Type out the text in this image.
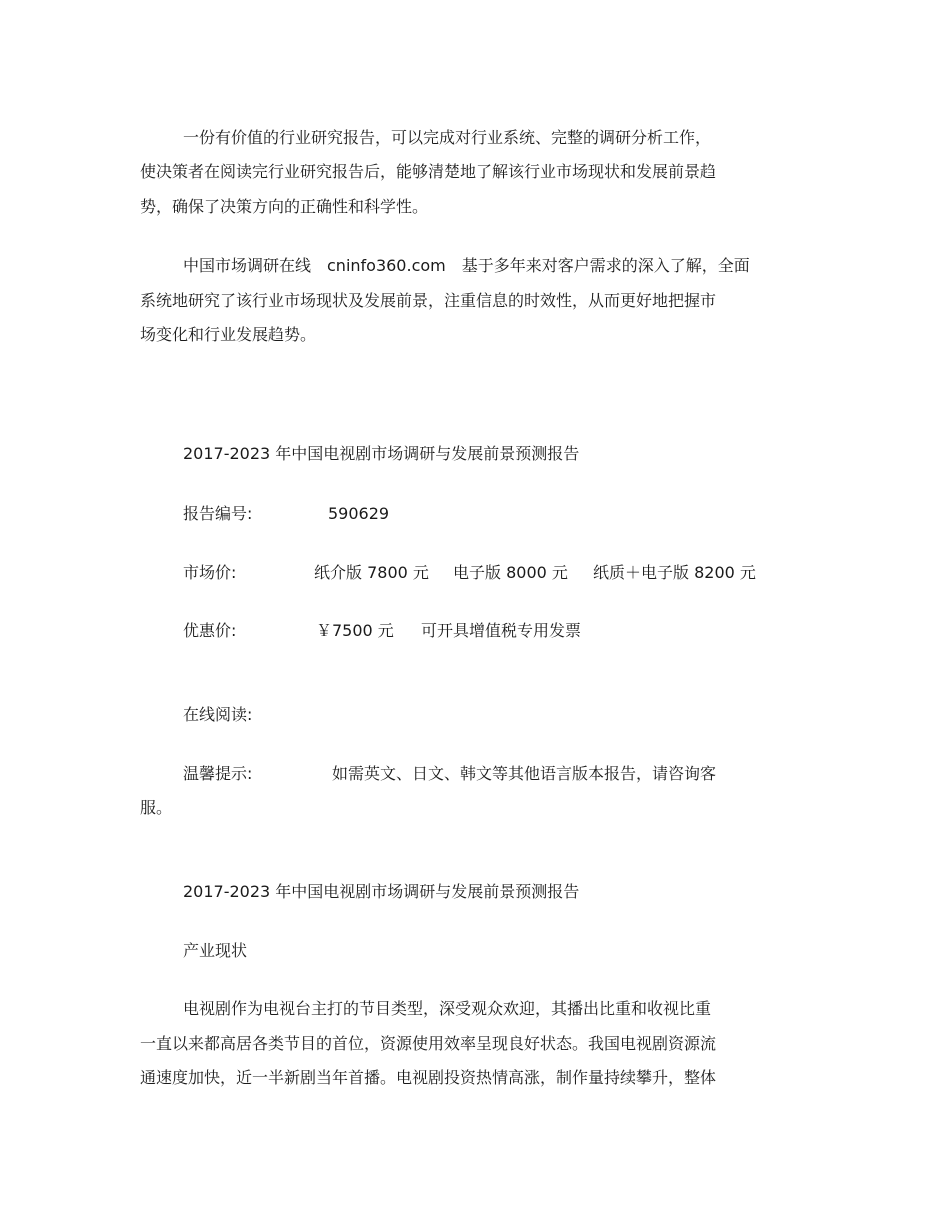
一份有价值的行业研究报告，可以完成对行业系统、完整的调研分析工作，
使决策者在阅读完行业研究报告后，能够清楚地了解该行业市场现状和发展前景趋
势，确保了决策方向的正确性和科学性。
中国市场调研在线　cninfo360.com　基于多年来对客户需求的深入了解，全面
系统地研究了该行业市场现状及发展前景，注重信息的时效性，从而更好地把握市
场变化和行业发展趋势。
2017-2023 年中国电视剧市场调研与发展前景预测报告
报告编号:	590629
市场价:	纸介版 7800 元 电子版 8000 元 纸质＋电子版 8200 元
优惠价:	￥7500 元 可开具增值税专用发票
在线阅读:
温馨提示:	如需英文、日文、韩文等其他语言版本报告，请咨询客
服。
2017-2023 年中国电视剧市场调研与发展前景预测报告
产业现状
电视剧作为电视台主打的节目类型，深受观众欢迎，其播出比重和收视比重
一直以来都高居各类节目的首位，资源使用效率呈现良好状态。我国电视剧资源流
通速度加快，近一半新剧当年首播。电视剧投资热情高涨，制作量持续攀升，整体
